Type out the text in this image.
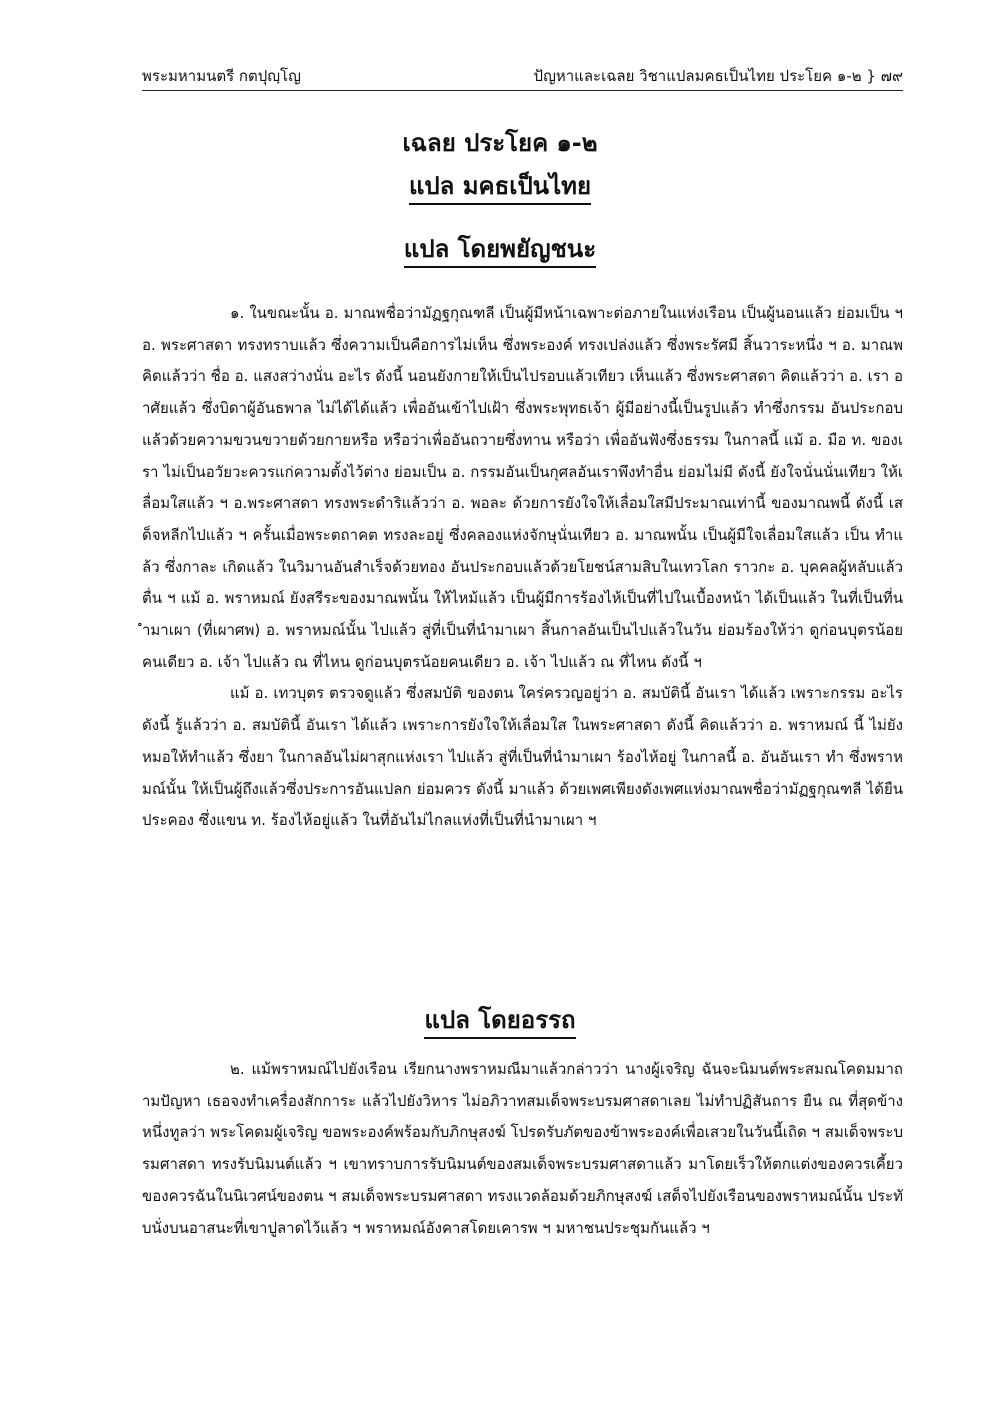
พระมหามนตรี กตปุญฺโญ	ปัญหาและเฉลย วิชาแปลมคธเป็นไทย ประโยค ๑-๒ } ๗๙
เฉลย ประโยค ๑-๒
แปล มคธเป็นไทย
แปล โดยพยัญชนะ

๑. ในขณะนั้น อ. มาณพชื่อว่ามัฏฐกุณฑลี เป็นผู้มีหน้าเฉพาะต่อภายในแห่งเรือน เป็นผู้นอนแล้ว ย่อมเป็น ฯ อ. พระศาสดา ทรงทราบแล้ว ซึ่งความเป็นคือการไม่เห็น ซึ่งพระองค์ ทรงเปล่งแล้ว ซึ่งพระรัศมี สิ้นวาระหนึ่ง ฯ อ. มาณพ คิดแล้วว่า ชื่อ อ. แสงสว่างนั่น อะไร ดังนี้ นอนยังกายให้เป็นไปรอบแล้วเทียว เห็นแล้ว ซึ่งพระศาสดา คิดแล้วว่า อ. เรา อาศัยแล้ว ซึ่งบิดาผู้อันธพาล ไม่ได้ได้แล้ว เพื่ออันเข้าไปเฝ้า ซึ่งพระพุทธเจ้า ผู้มีอย่างนี้เป็นรูปแล้ว ทำซึ่งกรรม อันประกอบแล้วด้วยความขวนขวายด้วยกายหรือ หรือว่าเพื่ออันถวายซึ่งทาน หรือว่า เพื่ออันฟังซึ่งธรรม ในกาลนี้ แม้ อ. มือ ท. ของเรา ไม่เป็นอวัยวะควรแก่ความตั้งไว้ต่าง ย่อมเป็น อ. กรรมอันเป็นกุศลอันเราพึงทำอื่น ย่อมไม่มี ดังนี้ ยังใจนั่นนั่นเทียว ให้เลื่อมใสแล้ว ฯ อ.พระศาสดา ทรงพระดำริแล้วว่า อ. พอละ ด้วยการยังใจให้เลื่อมใสมีประมาณเท่านี้ ของมาณพนี้ ดังนี้ เสด็จหลีกไปแล้ว ฯ ครั้นเมื่อพระตถาคต ทรงละอยู่ ซึ่งคลองแห่งจักษุนั่นเทียว อ. มาณพนั้น เป็นผู้มีใจเลื่อมใสแล้ว เป็น ทำแล้ว ซึ่งกาละ เกิดแล้ว ในวิมานอันสำเร็จด้วยทอง อันประกอบแล้วด้วยโยชน์สามสิบในเทวโลก ราวกะ อ. บุคคลผู้หลับแล้วตื่น ฯ แม้ อ. พราหมณ์ ยังสรีระของมาณพนั้น ให้ไหม้แล้ว เป็นผู้มีการร้องไห้เป็นที่ไปในเบื้องหน้า ได้เป็นแล้ว ในที่เป็นที่นำมาเผา (ที่เผาศพ) อ. พราหมณ์นั้น ไปแล้ว สู่ที่เป็นที่นำมาเผา สิ้นกาลอันเป็นไปแล้วในวัน ย่อมร้องให้ว่า ดูก่อนบุตรน้อยคนเดียว อ. เจ้า ไปแล้ว ณ ที่ไหน ดูก่อนบุตรน้อยคนเดียว อ. เจ้า ไปแล้ว ณ ที่ไหน ดังนี้ ฯ

แม้ อ. เทวบุตร ตรวจดูแล้ว ซึ่งสมบัติ ของตน ใคร่ครวญอยู่ว่า อ. สมบัตินี้ อันเรา ได้แล้ว เพราะกรรม อะไร ดังนี้ รู้แล้วว่า อ. สมบัตินี้ อันเรา ได้แล้ว เพราะการยังใจให้เลื่อมใส ในพระศาสดา ดังนี้ คิดแล้วว่า อ. พราหมณ์ นี้ ไม่ยังหมอให้ทำแล้ว ซึ่งยา ในกาลอันไม่ผาสุกแห่งเรา ไปแล้ว สู่ที่เป็นที่นำมาเผา ร้องไห้อยู่ ในกาลนี้ อ. อันอันเรา ทำ ซึ่งพราหมณ์นั้น ให้เป็นผู้ถึงแล้วซึ่งประการอันแปลก ย่อมควร ดังนี้ มาแล้ว ด้วยเพศเพียงดังเพศแห่งมาณพชื่อว่ามัฏฐกุณฑลี ได้ยืนประคอง ซึ่งแขน ท. ร้องไห้อยู่แล้ว ในที่อันไม่ไกลแห่งที่เป็นที่นำมาเผา ฯ

แปล โดยอรรถ

๒. แม้พราหมณ์ไปยังเรือน เรียกนางพราหมณีมาแล้วกล่าวว่า นางผู้เจริญ ฉันจะนิมนต์พระสมณโคดมมาถามปัญหา เธอจงทำเครื่องสักการะ แล้วไปยังวิหาร ไม่อภิวาทสมเด็จพระบรมศาสดาเลย ไม่ทำปฏิสันถาร ยืน ณ ที่สุดข้างหนึ่งทูลว่า พระโคดมผู้เจริญ ขอพระองค์พร้อมกับภิกษุสงฆ์ โปรดรับภัตของข้าพระองค์เพื่อเสวยในวันนี้เถิด ฯ สมเด็จพระบรมศาสดา ทรงรับนิมนต์แล้ว ฯ เขาทราบการรับนิมนต์ของสมเด็จพระบรมศาสดาแล้ว มาโดยเร็วให้ตกแต่งของควรเคี้ยว ของควรฉันในนิเวศน์ของตน ฯ สมเด็จพระบรมศาสดา ทรงแวดล้อมด้วยภิกษุสงฆ์ เสด็จไปยังเรือนของพราหมณ์นั้น ประทับนั่งบนอาสนะที่เขาปูลาดไว้แล้ว ฯ พราหมณ์อังคาสโดยเคารพ ฯ มหาชนประชุมกันแล้ว ฯ
